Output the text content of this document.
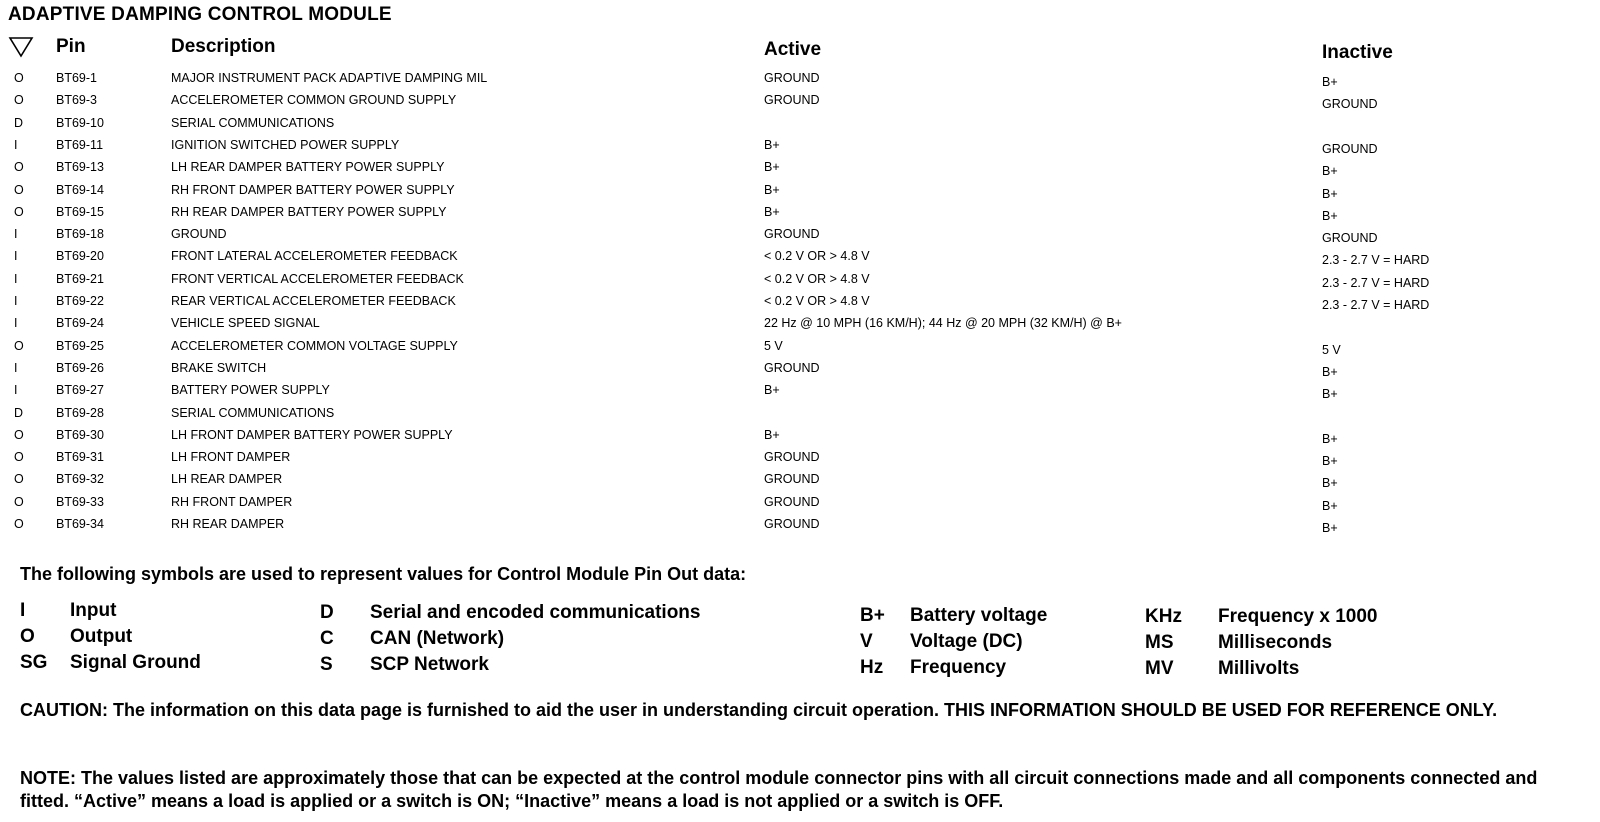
ADAPTIVE DAMPING CONTROL MODULE
Pin	Description	Active	Inactive
O	BT69-1	MAJOR INSTRUMENT PACK ADAPTIVE DAMPING MIL	GROUND	B+
O	BT69-3	ACCELEROMETER COMMON GROUND SUPPLY	GROUND	GROUND
D	BT69-10	SERIAL COMMUNICATIONS
I	BT69-11	IGNITION SWITCHED POWER SUPPLY	B+	GROUND
O	BT69-13	LH REAR DAMPER BATTERY POWER SUPPLY	B+	B+
O	BT69-14	RH FRONT DAMPER BATTERY POWER SUPPLY	B+	B+
O	BT69-15	RH REAR DAMPER BATTERY POWER SUPPLY	B+	B+
I	BT69-18	GROUND	GROUND	GROUND
I	BT69-20	FRONT LATERAL ACCELEROMETER FEEDBACK	< 0.2 V OR > 4.8 V	2.3 - 2.7 V = HARD
I	BT69-21	FRONT VERTICAL ACCELEROMETER FEEDBACK	< 0.2 V OR > 4.8 V	2.3 - 2.7 V = HARD
I	BT69-22	REAR VERTICAL ACCELEROMETER FEEDBACK	< 0.2 V OR > 4.8 V	2.3 - 2.7 V = HARD
I	BT69-24	VEHICLE SPEED SIGNAL	22 Hz @ 10 MPH (16 KM/H); 44 Hz @ 20 MPH (32 KM/H) @ B+
O	BT69-25	ACCELEROMETER COMMON VOLTAGE SUPPLY	5 V	5 V
I	BT69-26	BRAKE SWITCH	GROUND	B+
I	BT69-27	BATTERY POWER SUPPLY	B+	B+
D	BT69-28	SERIAL COMMUNICATIONS
O	BT69-30	LH FRONT DAMPER BATTERY POWER SUPPLY	B+	B+
O	BT69-31	LH FRONT DAMPER	GROUND	B+
O	BT69-32	LH REAR DAMPER	GROUND	B+
O	BT69-33	RH FRONT DAMPER	GROUND	B+
O	BT69-34	RH REAR DAMPER	GROUND	B+
The following symbols are used to represent values for Control Module Pin Out data:
I Input
O Output
SG Signal Ground
D Serial and encoded communications
C CAN (Network)
S SCP Network
B+ Battery voltage
V Voltage (DC)
Hz Frequency
KHz Frequency x 1000
MS Milliseconds
MV Millivolts
CAUTION: The information on this data page is furnished to aid the user in understanding circuit operation. THIS INFORMATION SHOULD BE USED FOR REFERENCE ONLY.
NOTE: The values listed are approximately those that can be expected at the control module connector pins with all circuit connections made and all components connected and fitted. “Active” means a load is applied or a switch is ON; “Inactive” means a load is not applied or a switch is OFF.
